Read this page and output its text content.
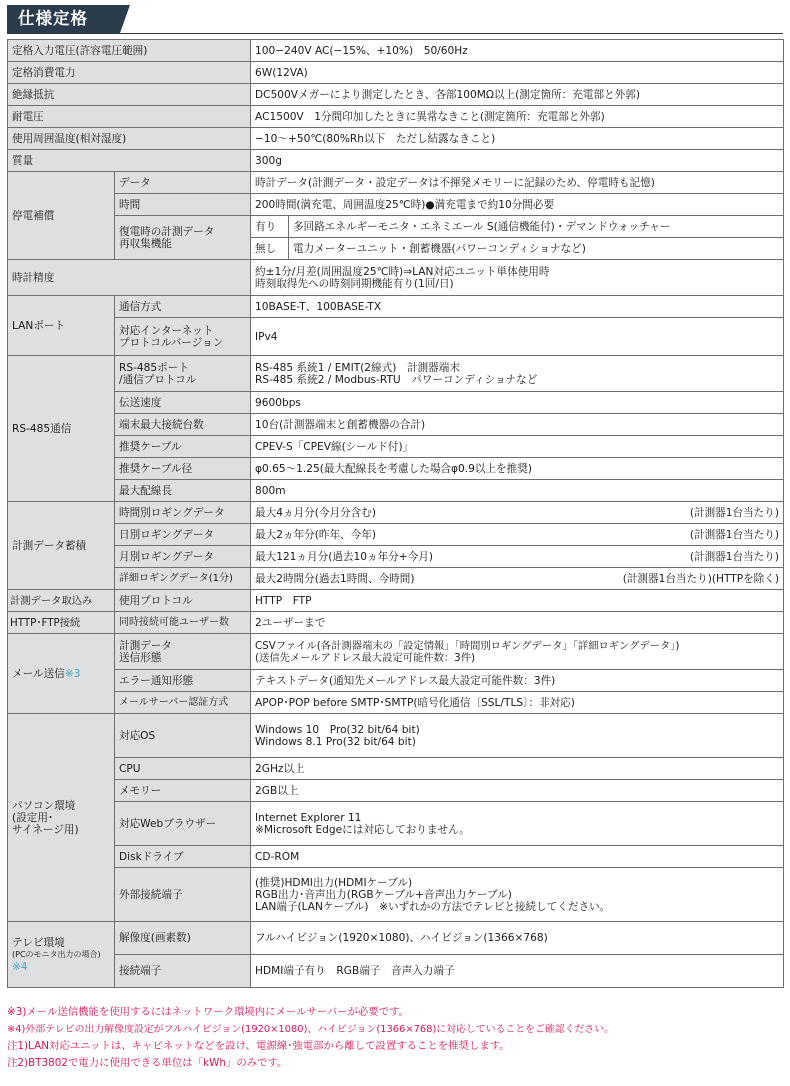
仕様定格
定格入力電圧(許容電圧範囲)		100−240V AC(−15%、+10%)　50/60Hz	
定格消費電力		6W(12VA)	
絶縁抵抗		DC500Vメガーにより測定したとき、各部100MΩ以上(測定箇所：充電部と外郭)	
耐電圧		AC1500V　1分間印加したときに異常なきこと(測定箇所：充電部と外郭)	
使用周囲温度(相対湿度)		−10〜+50℃(80%Rh以下　ただし結露なきこと)	
質量		300g	
停電補償	データ	時計データ(計測データ・設定データは不揮発メモリーに記録のため、停電時も記憶)	
	時間	200時間(満充電、周囲温度25℃時)●満充電まで約10分間必要	

	復電時の計測データ
再収集機能	有り	多回路エネルギーモニタ・エネミエール S(通信機能付)・デマンドウォッチャー
		無し	電力メーターユニット・創蓄機器(パワーコンディショナなど)
時計精度		約±1分/月差(周囲温度25℃時)⇒LAN対応ユニット単体使用時
時刻取得先への時刻同期機能有り(1回/日)	

LANポート	通信方式	10BASE-T、100BASE-TX	

	対応インターネット
プロトコルバージョン	IPv4	
RS-485通信	RS-485ポート
/通信プロトコル	RS-485 系統1 / EMIT(2線式)　計測器端末
RS-485 系統2 / Modbus-RTU　パワーコンディショナなど	

	伝送速度	9600bps	
	端末最大接続台数	10台(計測器端末と創蓄機器の合計)	
	推奨ケーブル	CPEV-S「CPEV線(シールド付)」	
	推奨ケーブル径	φ0.65〜1.25(最大配線長を考慮した場合φ0.9以上を推奨)	
	最大配線長	800m	
計測データ蓄積	時間別ロギングデータ	最大4ヵ月分(今月分含む) (計測器1台当たり)	

	日別ロギングデータ	最大2ヵ年分(昨年、今年) (計測器1台当たり)	

	月別ロギングデータ	最大121ヵ月分(過去10ヵ年分+今月) (計測器1台当たり)	

	詳細ロギングデータ(1分)	最大2時間分(過去1時間、今時間) (計測器1台当たり)(HTTPを除く)	

計測データ取込み	使用プロトコル	HTTP　FTP	
HTTP･FTP接続	同時接続可能ユーザー数	2ユーザーまで	
メール送信※3	計測データ
送信形態	CSVファイル(各計測器端末の「設定情報」「時間別ロギングデータ」「詳細ロギングデータ」)
(送信先メールアドレス最大設定可能件数：3件)	

	エラー通知形態	テキストデータ(通知先メールアドレス最大設定可能件数：3件)	
	メールサーバー認証方式	APOP･POP before SMTP･SMTP(暗号化通信〔SSL/TLS〕：非対応)	

パソコン環境
(設定用･
サイネージ用)	対応OS	Windows 10　Pro(32 bit/64 bit)
Windows 8.1 Pro(32 bit/64 bit)	

	CPU	2GHz以上	
	メモリー	2GB以上	
	対応Webブラウザー	Internet Explorer 11
※Microsoft Edgeには対応しておりません。	

	Diskドライブ	CD-ROM	
	外部接続端子	(推奨)HDMI出力(HDMIケーブル)
RGB出力･音声出力(RGBケーブル+音声出力ケーブル)
LAN端子(LANケーブル)　※いずれかの方法でテレビと接続してください。	

テレビ環境
(PCのモニタ出力の場合)
※4	解像度(画素数)	フルハイビジョン(1920×1080)、ハイビジョン(1366×768)	
	接続端子	HDMI端子有り　RGB端子　音声入力端子	
※3)メール送信機能を使用するにはネットワーク環境内にメールサーバーが必要です。
※4)外部テレビの出力解像度設定がフルハイビジョン(1920×1080)、ハイビジョン(1366×768)に対応していることをご確認ください。
注1)LAN対応ユニットは、キャビネットなどを設け、電源線･強電部から離して設置することを推奨します。
注2)BT3802で電力に使用できる単位は「kWh」のみです。
